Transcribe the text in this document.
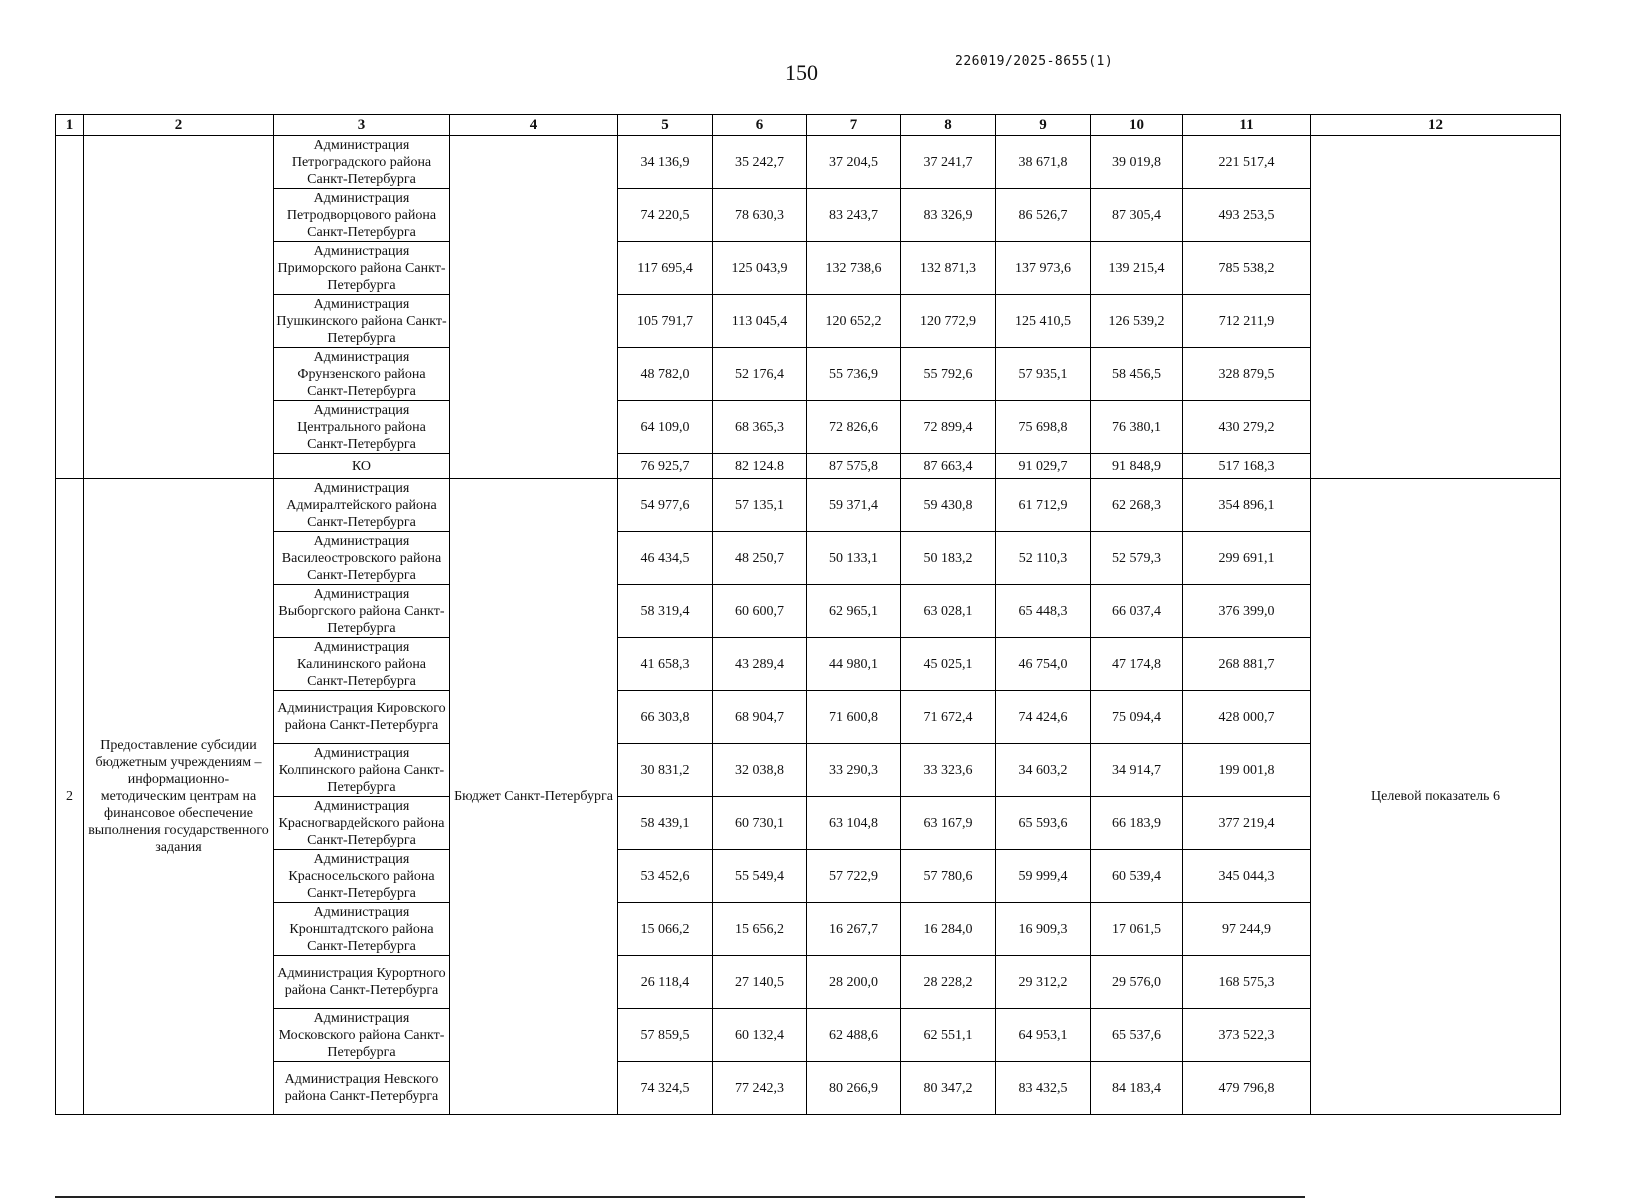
150	226019/2025-8655(1)
1	2	3	4	5	6	7	8	9	10	11	12
		Администрация Петроградского района Санкт-Петербурга		34 136,9	35 242,7	37 204,5	37 241,7	38 671,8	39 019,8	221 517,4	
		Администрация Петродворцового района Санкт-Петербурга		74 220,5	78 630,3	83 243,7	83 326,9	86 526,7	87 305,4	493 253,5	
		Администрация Приморского района Санкт-Петербурга		117 695,4	125 043,9	132 738,6	132 871,3	137 973,6	139 215,4	785 538,2	
		Администрация Пушкинского района Санкт-Петербурга		105 791,7	113 045,4	120 652,2	120 772,9	125 410,5	126 539,2	712 211,9	
		Администрация Фрунзенского района Санкт-Петербурга		48 782,0	52 176,4	55 736,9	55 792,6	57 935,1	58 456,5	328 879,5	
		Администрация Центрального района Санкт-Петербурга		64 109,0	68 365,3	72 826,6	72 899,4	75 698,8	76 380,1	430 279,2	
		КО		76 925,7	82 124.8	87 575,8	87 663,4	91 029,7	91 848,9	517 168,3	
2	Предоставление субсидии бюджетным учреждениям – информационно-методическим центрам на финансовое обеспечение выполнения государственного задания	Администрация Адмиралтейского района Санкт-Петербурга	Бюджет Санкт-Петербурга	54 977,6	57 135,1	59 371,4	59 430,8	61 712,9	62 268,3	354 896,1	Целевой показатель 6
		Администрация Василеостровского района Санкт-Петербурга		46 434,5	48 250,7	50 133,1	50 183,2	52 110,3	52 579,3	299 691,1	
		Администрация Выборгского района Санкт-Петербурга		58 319,4	60 600,7	62 965,1	63 028,1	65 448,3	66 037,4	376 399,0	
		Администрация Калининского района Санкт-Петербурга		41 658,3	43 289,4	44 980,1	45 025,1	46 754,0	47 174,8	268 881,7	
		Администрация Кировского района Санкт-Петербурга		66 303,8	68 904,7	71 600,8	71 672,4	74 424,6	75 094,4	428 000,7	
		Администрация Колпинского района Санкт-Петербурга		30 831,2	32 038,8	33 290,3	33 323,6	34 603,2	34 914,7	199 001,8	
		Администрация Красногвардейского района Санкт-Петербурга		58 439,1	60 730,1	63 104,8	63 167,9	65 593,6	66 183,9	377 219,4	
		Администрация Красносельского района Санкт-Петербурга		53 452,6	55 549,4	57 722,9	57 780,6	59 999,4	60 539,4	345 044,3	
		Администрация Кронштадтского района Санкт-Петербурга		15 066,2	15 656,2	16 267,7	16 284,0	16 909,3	17 061,5	97 244,9	
		Администрация Курортного района Санкт-Петербурга		26 118,4	27 140,5	28 200,0	28 228,2	29 312,2	29 576,0	168 575,3	
		Администрация Московского района Санкт-Петербурга		57 859,5	60 132,4	62 488,6	62 551,1	64 953,1	65 537,6	373 522,3	
		Администрация Невского района Санкт-Петербурга		74 324,5	77 242,3	80 266,9	80 347,2	83 432,5	84 183,4	479 796,8	
